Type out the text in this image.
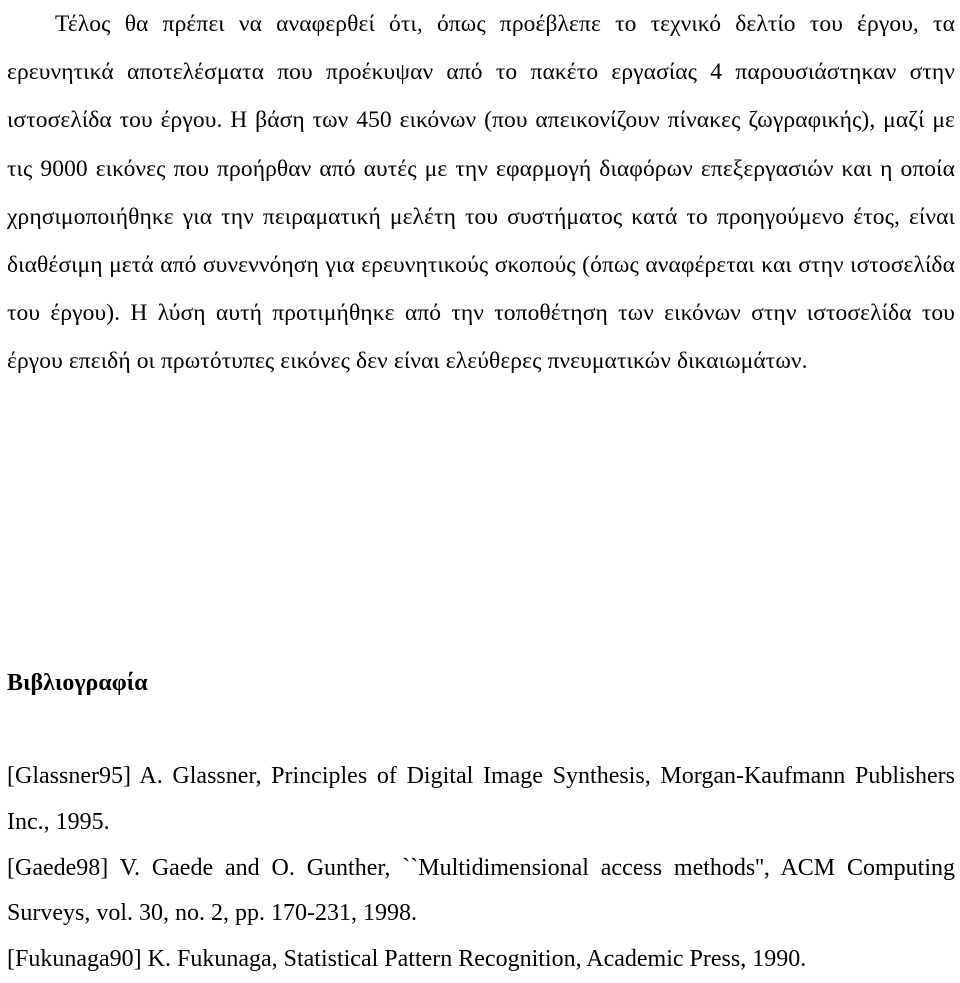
Τέλος θα πρέπει να αναφερθεί ότι, όπως προέβλεπε το τεχνικό δελτίο του έργου, τα ερευνητικά αποτελέσματα που προέκυψαν από το πακέτο εργασίας 4 παρουσιάστηκαν στην ιστοσελίδα του έργου. Η βάση των 450 εικόνων (που απεικονίζουν πίνακες ζωγραφικής), μαζί με τις 9000 εικόνες που προήρθαν από αυτές με την εφαρμογή διαφόρων επεξεργασιών και η οποία χρησιμοποιήθηκε για την πειραματική μελέτη του συστήματος κατά το προηγούμενο έτος, είναι διαθέσιμη μετά από συνεννόηση για ερευνητικούς σκοπούς (όπως αναφέρεται και στην ιστοσελίδα του έργου). Η λύση αυτή προτιμήθηκε από την τοποθέτηση των εικόνων στην ιστοσελίδα του έργου επειδή οι πρωτότυπες εικόνες δεν είναι ελεύθερες πνευματικών δικαιωμάτων.

Βιβλιογραφία
[Glassner95] A. Glassner, Principles of Digital Image Synthesis, Morgan-Kaufmann Publishers Inc., 1995.
[Gaede98] V. Gaede and O. Gunther, ``Multidimensional access methods'', ACM Computing Surveys, vol. 30, no. 2, pp. 170-231, 1998.
[Fukunaga90] K. Fukunaga, Statistical Pattern Recognition, Academic Press, 1990.
